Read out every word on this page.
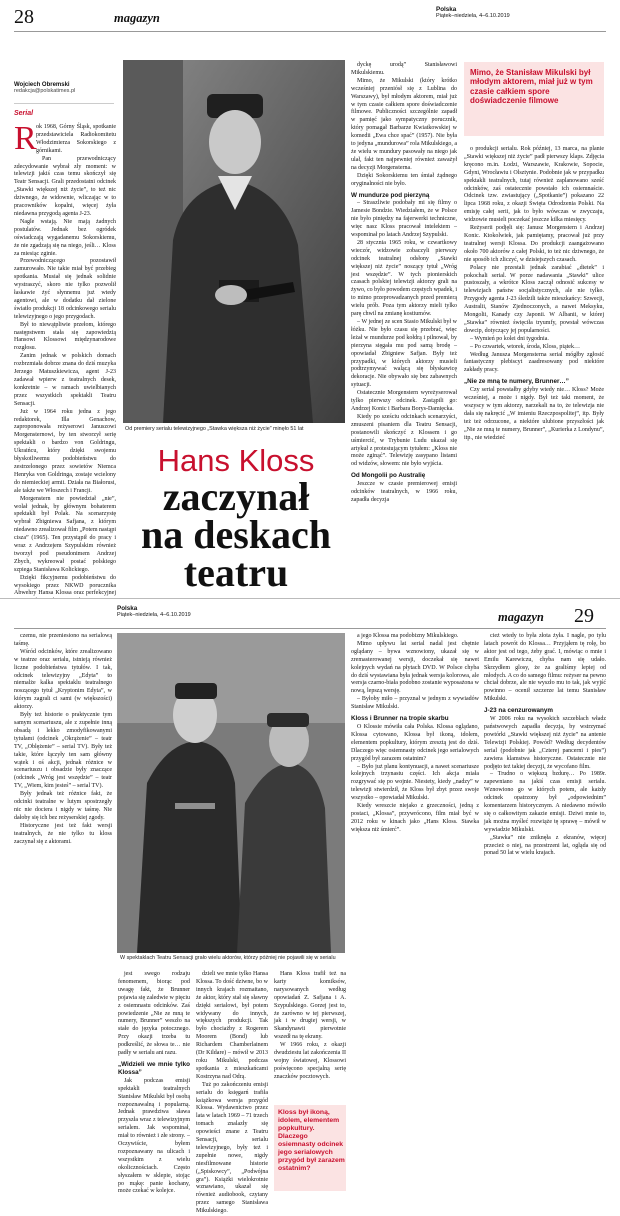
28	magazyn
Polska
Piątek–niedziela, 4–6.10.2019
Wojciech Obremski
redakcja@polskatimes.pl
Serial
R ok 1968, Górny Śląsk, spotkanie przedstawiciela Radiokomitetu Włodzimierza Sokorskiego z górnikami.

Pan przewodniczący zdecydowanie wybrał zły moment: w telewizji jakiś czas temu skończył się Teatr Sensacji. Grali przedostatni odcinek „Stawki większej niż życie”, to też nic dziwnego, że widownie, wliczając w to pracowników kopalni, więcej żyła niedawna przygodą agenta J-23.

Nagle wstają. Nie mają żadnych postulatów. Jednak bez ogródek oświadczają wygadanemu Sokorskiemu, że nie zgadzają się na niego, jeśli… Kloss za miesiąc zginie.

Przewodniczącego pozostawił zamurowało. Nie takie miał być przebieg spotkania. Musiał się jednak solidnie wystraszyć, skoro nie tylko pozwolił łaskawie żyć słynnemu już wtedy agentowi, ale w dodatku dał zielone światło produkcji 18 odcinkowego serialu telewizyjnego o jego przygodach.

Był to niewątpliwie przełom, którego następstwem stała się zapowiedzią Hansowi Klossowi międzynarodowe rozgłosu.

Zanim jednak w polskich domach rozbrzmiała dobrze znana do dziś muzyka Jerzego Matuszkiewicza, agent J-23 zadawał wpierw z teatralnych desek, konkretnie – w ramach uwielbianych przez wszystkich spektakli Teatru Sensacji.

Już w 1964 roku jedna z jego redaktorek, Illa Genachow, zaproponowała reżyserowi Januszowi Morgensternowi, by ten stworzył serię spektakli o bardzo von Goldringu, Ukraińcu, który dzięki swojemu błyskotliwemu podobieństwu do zestrzelonego przez sowietów Niemca Henryka von Goldringa, zostaje wcielony do niemieckiej armii. Działa na Białorusi, ale także we Włoszech i Francji.

Morgenstern nie powiedział „nie”, wolał jednak, by głównym bohaterem spektakli był Polak. Na scenarzystę wybrał Zbigniewa Safjana, z którym niedawno zrealizował film „Potem nastąpi cisza” (1965). Ten przystąpił do pracy i wraz z Andrzejem Szypulskim również tworzył pod pseudonimem Andrzej Zbych, wykreował postać polskiego szpiega Stanisława Kolickiego.

Dzięki fikcyjnemu podobieństwu do wysokiego przez NKWD porucznika Abwehry Hansa Klossa oraz perfekcyjnej

Od premiery serialu telewizyjnego „Stawka większa niż życie” minęło 51 lat
Hans Kloss
zaczynał
na deskach
teatru

dyckę urodą” Stanisławowi Mikulskiemu.

Mimo, że Mikulski (który krótko wcześniej przeniósł się z Lublina do Warszawy), był młodym aktorem, miał już w tym czasie całkiem spore doświadczenie filmowe. Publiczności szczególnie zapadł w pamięć jako sympatyczny porucznik, który pomagał Barbarze Kwiatkowskiej w komedii „Ewa chce spać” (1957). Nie była to jedyna „mundurowa” rola Mikulskiego, a że wielu w mundury pasowały na niego jak ulał, fakt ten najpewniej również zaważył na decyzji Morgensterna.

Dzięki Sokorskiemu ten śmiał żądnego oryginalności nie było.

W mundurze pod pierzyną

– Straszliwie podobały mi się filmy o Jamesie Bondzie. Wiedziałem, że w Polsce nie było piniędzy na fajerwerki techniczne, więc nasz Kloss pracował intelektem – wspominał po latach Andrzej Szypulski.

28 stycznia 1965 roku, w czwartkowy wieczór, widzowie zobaczyli pierwszy odcinek teatralnej odsłony „Stawki większej niż życie” noszący tytuł „Wróg jest wszędzie”. W tych pionierskich czasach polskiej telewizji aktorzy grali na żywo, co było powodem częstych wpadek, i to mimo przeprowadzanych przed premierą wielu prób. Poza tym aktorzy mieli tylko parę chwil na zmianę kostiumów.

– W jednej ze scen Stasio Mikulski był w łóżku. Nie było czasu się przebrać, więc leżał w mundurze pod kołdrą i pilnował, by pierzyna sięgała mu pod samą brodę – opowiadał Zbigniew Safjan. Były też przypadki, w których aktorzy musieli podtrzymywać walącą się błyskawicę dekoracje. Nie obywało się bez zabawnych sytuacji.

Ostatecznie Morgenstern wyreżyserował tylko pierwszy odcinek. Zastąpili go: Andrzej Konic i Barbara Borys-Damięcka.

Kiedy po sześciu odcinkach scenarzyści, zmuszeni pisaniem dla Teatru Sensacji, postanowili skończyć z Klossem i go uśmiercić, w Trybunie Ludu ukazał się artykuł z protestującym tytułem: „Kloss nie może zginąć”. Telewizję zasypano listami od widzów, słowem: nie było wyjścia.

Od Mongolii po Australię

Jeszcze w czasie premierowej emisji odcinków teatralnych, w 1966 roku, zapadła decyzja

Mimo, że Stanisław Mikulski był młodym aktorem, miał już w tym czasie całkiem spore doświadczenie filmowe

o produkcji serialu. Rok później, 13 marca, na planie „Stawki większej niż życie” padł pierwszy klaps. Zdjęcia kręcono m.in. Łodzi, Warszawie, Krakowie, Sopocie, Gdyni, Wrocławiu i Olsztynie. Podobnie jak w przypadku spektakli teatralnych, tutaj również zaplanowano sześć odcinków, zaś ostatecznie powstało ich osiemnaście. Odcinek tzw. zwiastujący („Spotkanie”) pokazano 22 lipca 1968 roku, z okazji Święta Odrodzenia Polski. Na emisję całej serii, jak to było wówczas w zwyczaju, widzowie musieli poczekać jeszcze kilka miesięcy.

Reżyserii podjęli się: Janusz Morgenstern i Andrzej Konic. Ktokolwiek, jak pamiętamy, pracował już przy teatralnej wersji Klossa. Do produkcji zaangażowano około 700 aktorów z całej Polski, to też nic dziwnego, że nie sposób ich zliczyć, w dzisiejszych czasach.

Polacy nie przestali jednak zarabiać „dietek” i pokochali serial. W porze nadawania „Stawki” ulice pustoszały, a wkrótce Kloss zaczął odnosić sukcesy w telewizjach państw socjalistycznych, ale nie tylko. Przygody agenta J-23 śledzili także mieszkańcy: Szwecji, Australii, Stanów Zjednoczonych, a nawet Meksyku, Mongolii, Kanady czy Japonii. W Albanii, w której „Stawka” również święciła tryumfy, powstał wówczas dowcip, dotyczący jej popularności.

– Wymień po kolei dni tygodnia.

– Po czwartek, wtorek, środa, Kloss, piątek…

Według Janusza Morgensterna serial mógłby zgłosić fantastyczny plebiscyt zaadresowany pod niektóre zakłady pracy.

„Nie ze mną te numery, Brunner…”

Czy serial powstałby gdyby wtedy nie… Kloss? Może wcześniej, a może i nigdy. Był też taki moment, że wszyscy w tym aktorzy, narzekali na to, że telewizja nie dała się nakręcić „W imieniu Rzeczpospolitej”, itp. Były też też odrzucone, a niektóre ulubione przyszłości jak „Nie ze mną te numery, Brunner”, „Kurierka z Londynu”, itp., nie wiedzieć

Polska
Piątek–niedziela, 4–6.10.2019	magazyn 29

czemu, nie przeniesiono na serialową taśmę.

Wśród odcinków, które zrealizowano w teatrze oraz serialu, istnieją również liczne podobieństwa tytułów. I tak, odcinek telewizyjny „Edyta” to niemalże kalka spektaklu teatralnego noszącego tytuł „Kryptonim Edyta”, w którym zagrali ci sami (w większości) aktorzy.

Były też historie o praktycznie tym samym scenariuszu, ale z zupełnie inną obsadą i lekko zmodyfikowanymi tytułami (odcinek „Okrążenie” – teatr TV, „Oblężenie” – serial TV). Były też takie, które łączyły ten sam główny wątek i oś akcji, jednak różnice w scenariuszu i obsadzie były znaczące (odcinek „Wróg jest wszędzie” – teatr TV, „Wiem, kim jesteś” – serial TV).

Były jednak też różnice fakt, że odcinki teatralne w lutym spostrzegły nic nie dociera i nigdy w taśmę. Nie dałoby się ich bez reżyserskiej zgody.

Historyczne jest też fakt wersji teatralnych, że nie tylko tu kloss zaczynał się z aktorami.

W spektaklach Teatru Sensacji grało wielu aktorów, którzy później nie pojawili się w serialu

jest swego rodzaju fenomenem, biorąc pod uwagę fakt, że Brunner pojawia się zaledwie w pięciu z osiemnastu odcinków. Zaś powiedzenie „Nie ze mną te numery, Brunner” weszło na stałe do języka potocznego. Przy okazji trzeba tu podkreślić, że słowa te… nie padły w serialu ani razu.

„Widzieli we mnie tylko Klossa”

Jak podczas emisji spektakli teatralnych Stanisław Mikulski był osobą rozpoznawalną i popularną. Jednak prawdziwa sława przyszła wraz z telewizyjnym serialem. Jak wspominał, miał to również i złe strony. – Oczywiście, byłem rozpoznawany na ulicach i wszystkim z wielu okolicznościach. Często słyszałem w sklepie, stojąc po mąkę: panie kochany, może czekać w kolejce.

dzieli we mnie tylko Hansa Klossa. To dość dziwne, bo w innych krajach rozmaitano, że aktor, który stał się sławny dzięki serialowi, był potem widywany do innych, większych produkcji. Tak było chociażby z Rogerem Moorem (Bond) lub Richardem Chamberlainem (Dr Kildare) – mówił w 2013 roku Mikulski, podczas spotkania z mieszkańcami Kostrzyna nad Odrą.

Tuż po zakończeniu emisji serialu do księgarń trafiła książkowa wersja przygód Klossa. Wydawnictwo przez lata w latach 1969 – 71 trzech tomach znalazły się opowieści znane z Teatru Sensacji, serialu telewizyjnego, były też i zupełnie nowe, nigdy niesfilmowane historie („Spiskowcy”, „Podwójna gra”). Książki wielokrotnie wznawiano, ukazał się również audiobook, czytany przez samego Stanisława Mikulskiego.

Hans Kloss trafił też na karty komiksów, narysowanych według opowiadań Z. Safjana i A. Szypulskiego. Gorzej jest to, że zarówno w tej pierwszej, jak i w drugiej wersji, w Skandynawii pierwotnie wszedł na tę ekrany.

W 1966 roku, z okazji dwudziestu lat zakończenia II wojny światowej, Klossowi poświęcono specjalną serię znaczków pocztowych.

Kloss był ikoną, idolem, elementem popkultury. Dlaczego osiemnasty odcinek jego serialowych przygód był zarazem ostatnim?

a jego Klossa ma podobizny Mikulskiego.

Mimo upływu lat serial nadal jest chętnie oglądany – bywa wznowiony, ukazał się w zremasterowanej wersji, doczekał się nawet kolejnych wydań na płytach DVD. W Polsce chyba do dziś wystawiana była jednak wersja kolorowa, ale wersja czarno-biała podobno zostanie wyposażona w nową, lepszą wersję.

– Byłoby miło – przyznał w jednym z wywiadów Stanisław Mikulski.

Kloss i Brunner na tropie skarbu

O Klossie mówiła cała Polska. Klossa oglądano, Klossa cytowano, Klossa był ikoną, idolem, elementem popkultury, którym zresztą jest do dziś. Dlaczego więc osiemnasty odcinek jego serialowych przygód był zarazem ostatnim?

– Było już planu kontynuacji, a nawet scenariusze kolejnych trzynastu części. Ich akcja miała rozgrywać się po wojnie. Niestety, kiedy „nadzy” w telewizji stwierdził, że Kloss był zbyt przez swoje wszystko – opowiadał Mikulski.

Kiedy wreszcie niejako z grzeczności, jedną z postaci, „Klossa”, przywrócono, film miał być w 2012 roku w kinach jako „Hans Kloss. Stawka większa niż śmierć”.

cież wtedy to była złota żyła. I nagle, po tylu latach powrót do Klossa… Przyjąłem tę rolę, bo aktor jest od tego, żeby grać. I, mówiąc o mnie i Emilu Karewiczu, chyba nam się udało. Skrzydłem glosy, że za graliśmy lepiej od młodych. A co do samego filmu: reżyser na pewno chciał dobrze, ale nie wyszło mu to tak, jak wyjść powinno – ocenił szczerze lat temu Stanisław Mikulski.

J-23 na cenzurowanym

W 2006 roku na wysokich szczeblach władz państwowych zapadła decyzja, by wstrzymać powtórki „Stawki większej niż życie” na antenie Telewizji Polskiej. Powód? Według decydentów serial (podobnie jak „Czterej pancerni i pies”) zawiera klamstwa historyczne. Ostatecznie nie podjęto też takiej decyzji, że wycofano film.

– Trudno o większą bzdurę… Po 1989r. zapewniano na jakiś czas emisji serialu. Wznowiono go w których potem, ale każdy odcinek opatrzony był „odpowiednim” komentarzem historycznym. A niedawno mówiło się o całkowitym zakazie emisji. Dziwi mnie to, jak można myśleć rozwiąże tę sprawę – mówił w wywiadzie Mikulski.

„Stawka” nie zniknęła z ekranów, więcej przecież o niej, na przestrzeni lat, ogląda się od ponad 50 lat w wielu krajach.
